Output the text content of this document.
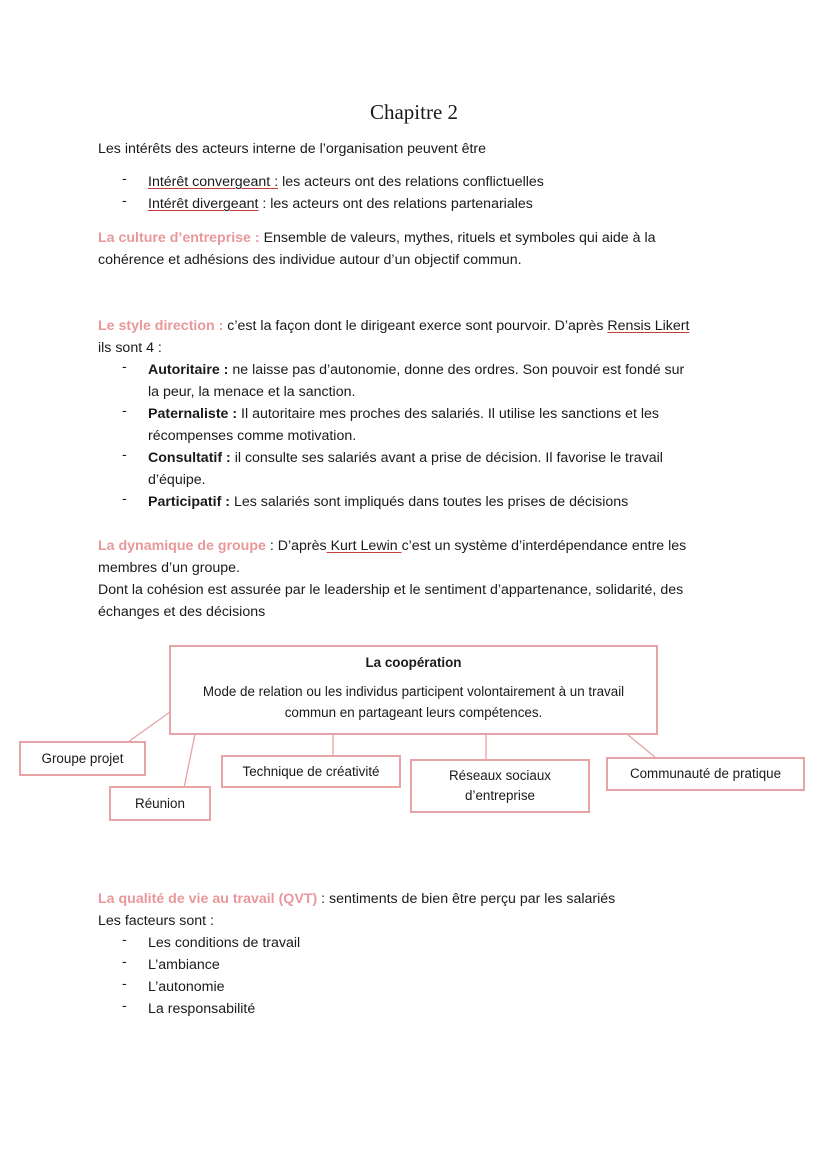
Chapitre 2
Les intérêts des acteurs interne de l’organisation peuvent être
- Intérêt convergeant : les acteurs ont des relations conflictuelles
- Intérêt divergeant : les acteurs ont des relations partenariales
La culture d’entreprise : Ensemble de valeurs, mythes, rituels et symboles qui aide à la
cohérence et adhésions des individue autour d’un objectif commun.
Le style direction : c’est la façon dont le dirigeant exerce sont pourvoir. D’après Rensis Likert
ils sont 4 :
- Autoritaire : ne laisse pas d’autonomie, donne des ordres. Son pouvoir est fondé sur
la peur, la menace et la sanction.
- Paternaliste : Il autoritaire mes proches des salariés. Il utilise les sanctions et les
récompenses comme motivation.
- Consultatif : il consulte ses salariés avant a prise de décision. Il favorise le travail
d’équipe.
- Participatif : Les salariés sont impliqués dans toutes les prises de décisions
La dynamique de groupe : D’après Kurt Lewin c’est un système d’interdépendance entre les
membres d’un groupe.
Dont la cohésion est assurée par le leadership et le sentiment d’appartenance, solidarité, des
échanges et des décisions
La coopération
Mode de relation ou les individus participent volontairement à un travail
commun en partageant leurs compétences.
Groupe projet
Réunion
Technique de créativité	Réseaux sociaux
d’entreprise
Communauté de pratique
La qualité de vie au travail (QVT) : sentiments de bien être perçu par les salariés
Les facteurs sont :
- Les conditions de travail
- L’ambiance
- L’autonomie
- La responsabilité
